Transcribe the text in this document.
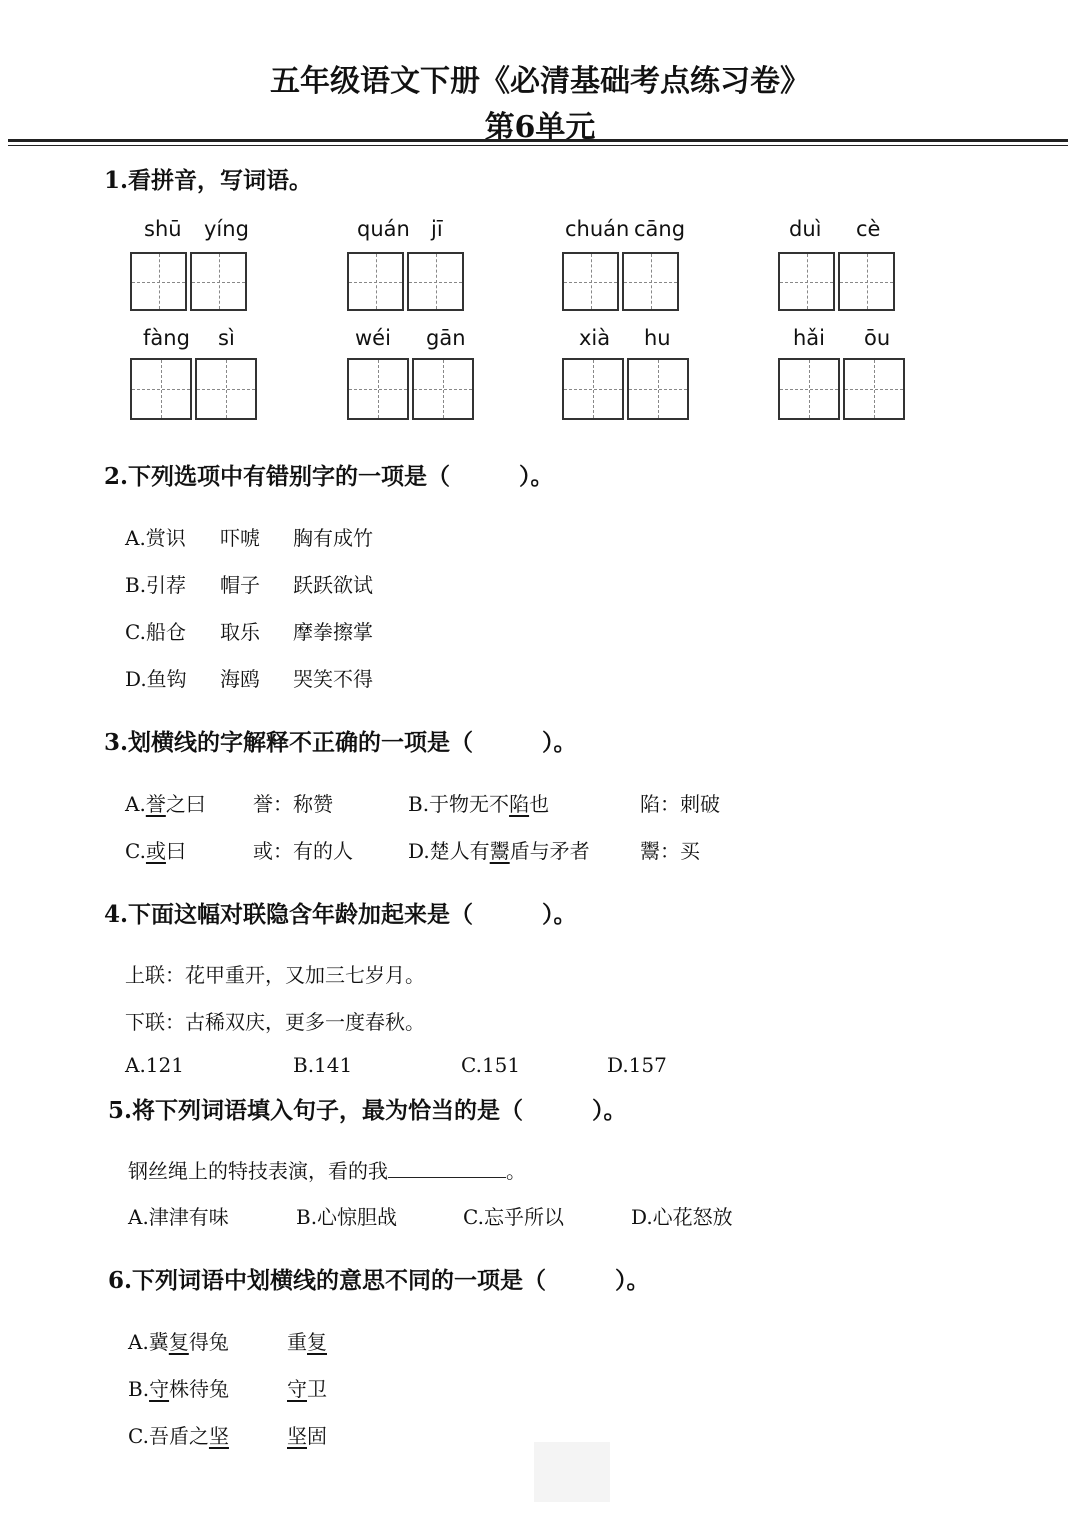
五年级语文下册《必清基础考点练习卷》
第6单元
1.看拼音，写词语。
shū yíng	quán jī	chuán cāng	duì cè
fàng sì	wéi gān	xià hu	hǎi ōu
2.下列选项中有错别字的一项是（　　　）。
A.赏识 吓唬 胸有成竹
B.引荐 帽子 跃跃欲试
C.船仓 取乐 摩拳擦掌
D.鱼钩 海鸥 哭笑不得
3.划横线的字解释不正确的一项是（　　　）。
A.誉之曰 誉：称赞	B.于物无不陷也	陷：刺破
C.或曰	或：有的人	D.楚人有鬻盾与矛者	鬻：买
4.下面这幅对联隐含年龄加起来是（　　　）。
上联：花甲重开，又加三七岁月。
下联：古稀双庆，更多一度春秋。
A.121	B.141	C.151	D.157
5.将下列词语填入句子，最为恰当的是（　　　）。
钢丝绳上的特技表演，看的我	。
A.津津有味	B.心惊胆战	C.忘乎所以	D.心花怒放
6.下列词语中划横线的意思不同的一项是（　　　）。
A.冀复得兔	重复
B.守株待兔	守卫
C.吾盾之坚	坚固
